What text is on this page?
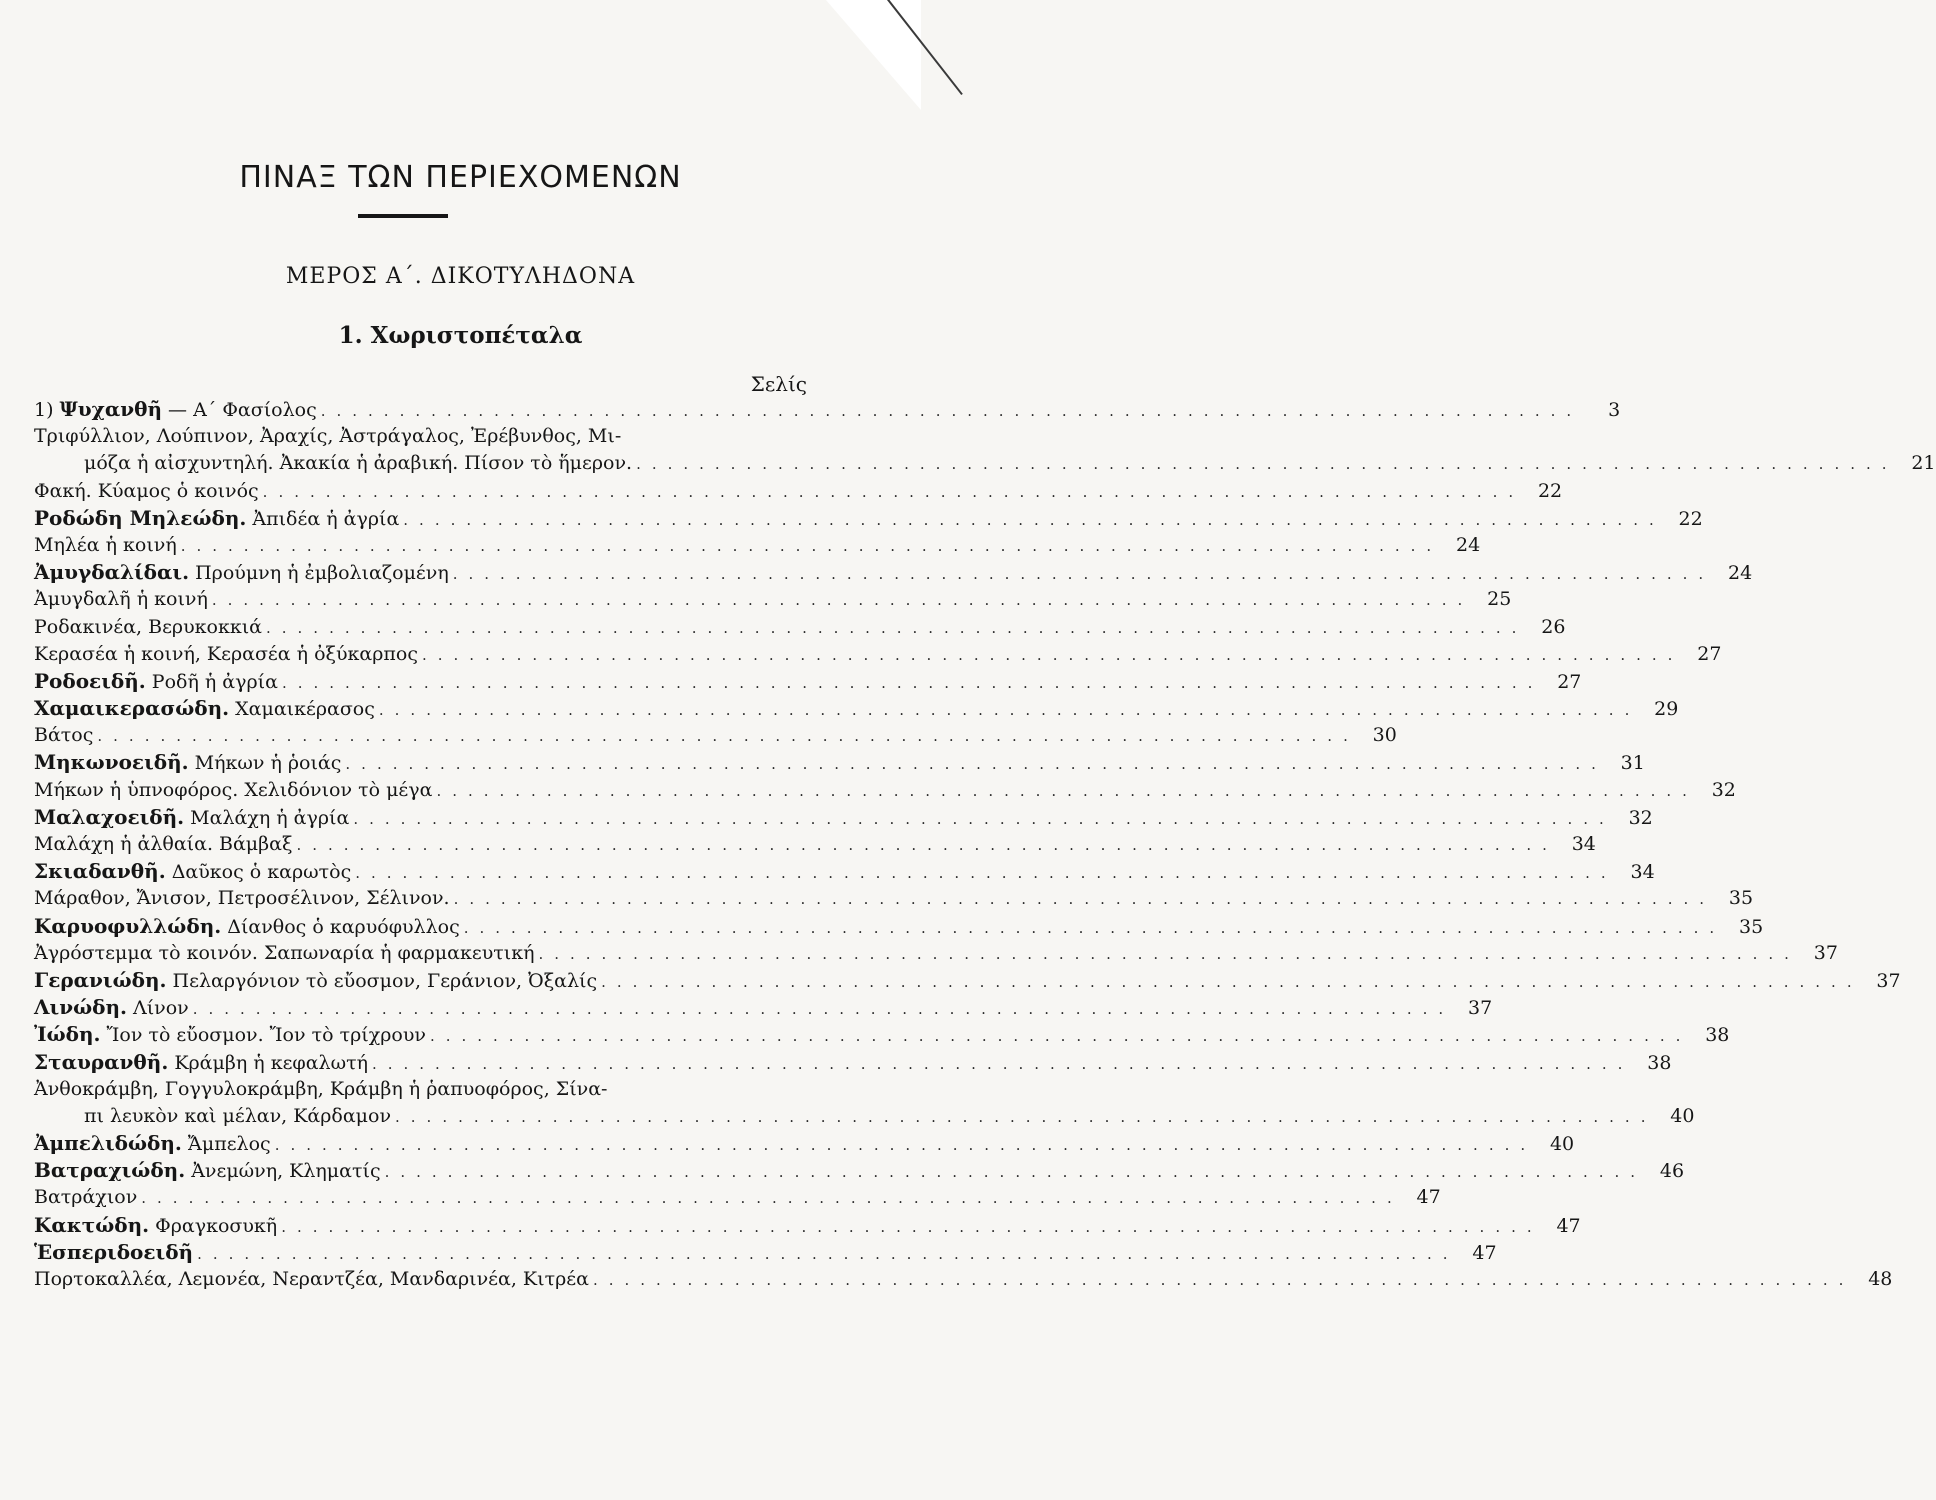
ΠΙΝΑΞ ΤΩΝ ΠΕΡΙΕΧΟΜΕΝΩΝ
ΜΕΡΟΣ Α΄. ΔΙΚΟΤΥΛΗΔΟΝΑ
1. Χωριστοπέταλα
Σελίς
1) Ψυχανθῆ — Α΄ Φασίολος ................................................................................	3
Τριφύλλιον, Λούπινον, Ἀραχίς, Ἀστράγαλος, Ἐρέβυνθος, Μι-
μόζα ἡ αἰσχυντηλή. Ἀκακία ἡ ἀραβική. Πίσον τὸ ἥμερον. ................................................................................ 21
Φακή. Κύαμος ὁ κοινός ................................................................................ 22
Ροδώδη Μηλεώδη. Ἀπιδέα ἡ ἀγρία ................................................................................ 22
Μηλέα ἡ κοινή ................................................................................ 24
Ἀμυγδαλίδαι. Προύμνη ἡ ἐμβολιαζομένη ................................................................................ 24
Ἀμυγδαλῆ ἡ κοινή ................................................................................ 25
Ροδακινέα, Βερυκοκκιά ................................................................................ 26
Κερασέα ἡ κοινή, Κερασέα ἡ ὀξύκαρπος ................................................................................ 27
Ροδοειδῆ. Ροδῆ ἡ ἀγρία ................................................................................ 27
Χαμαικερασώδη. Χαμαικέρασος ................................................................................ 29
Βάτος ................................................................................ 30
Μηκωνοειδῆ. Μήκων ἡ ῥοιάς ................................................................................ 31
Μήκων ἡ ὑπνοφόρος. Χελιδόνιον τὸ μέγα ................................................................................ 32
Μαλαχοειδῆ. Μαλάχη ἡ ἀγρία ................................................................................ 32
Μαλάχη ἡ ἀλθαία. Βάμβαξ ................................................................................ 34
Σκιαδανθῆ. Δαῦκος ὁ καρωτὸς ................................................................................ 34
Μάραθον, Ἄνισον, Πετροσέλινον, Σέλινον. ................................................................................ 35
Καρυοφυλλώδη. Δίανθος ὁ καρυόφυλλος ................................................................................ 35
Ἀγρόστεμμα τὸ κοινόν. Σαπωναρία ἡ φαρμακευτική ................................................................................ 37
Γερανιώδη. Πελαργόνιον τὸ εὔοσμον, Γεράνιον, Ὀξαλίς ................................................................................ 37
Λινώδη. Λίνον ................................................................................ 37
Ἰώδη. Ἴον τὸ εὔοσμον. Ἴον τὸ τρίχρουν ................................................................................ 38
Σταυρανθῆ. Κράμβη ἡ κεφαλωτή ................................................................................ 38
Ἀνθοκράμβη, Γογγυλοκράμβη, Κράμβη ἡ ῥαπυοφόρος, Σίνα-
πι λευκὸν καὶ μέλαν, Κάρδαμον ................................................................................ 40
Ἀμπελιδώδη. Ἄμπελος ................................................................................ 40
Βατραχιώδη. Ἀνεμώνη, Κληματίς ................................................................................ 46
Βατράχιον ................................................................................ 47
Κακτώδη. Φραγκοσυκῆ ................................................................................ 47
Ἑσπεριδοειδῆ ................................................................................ 47
Πορτοκαλλέα, Λεμονέα, Νεραντζέα, Μανδαρινέα, Κιτρέα ................................................................................ 48
